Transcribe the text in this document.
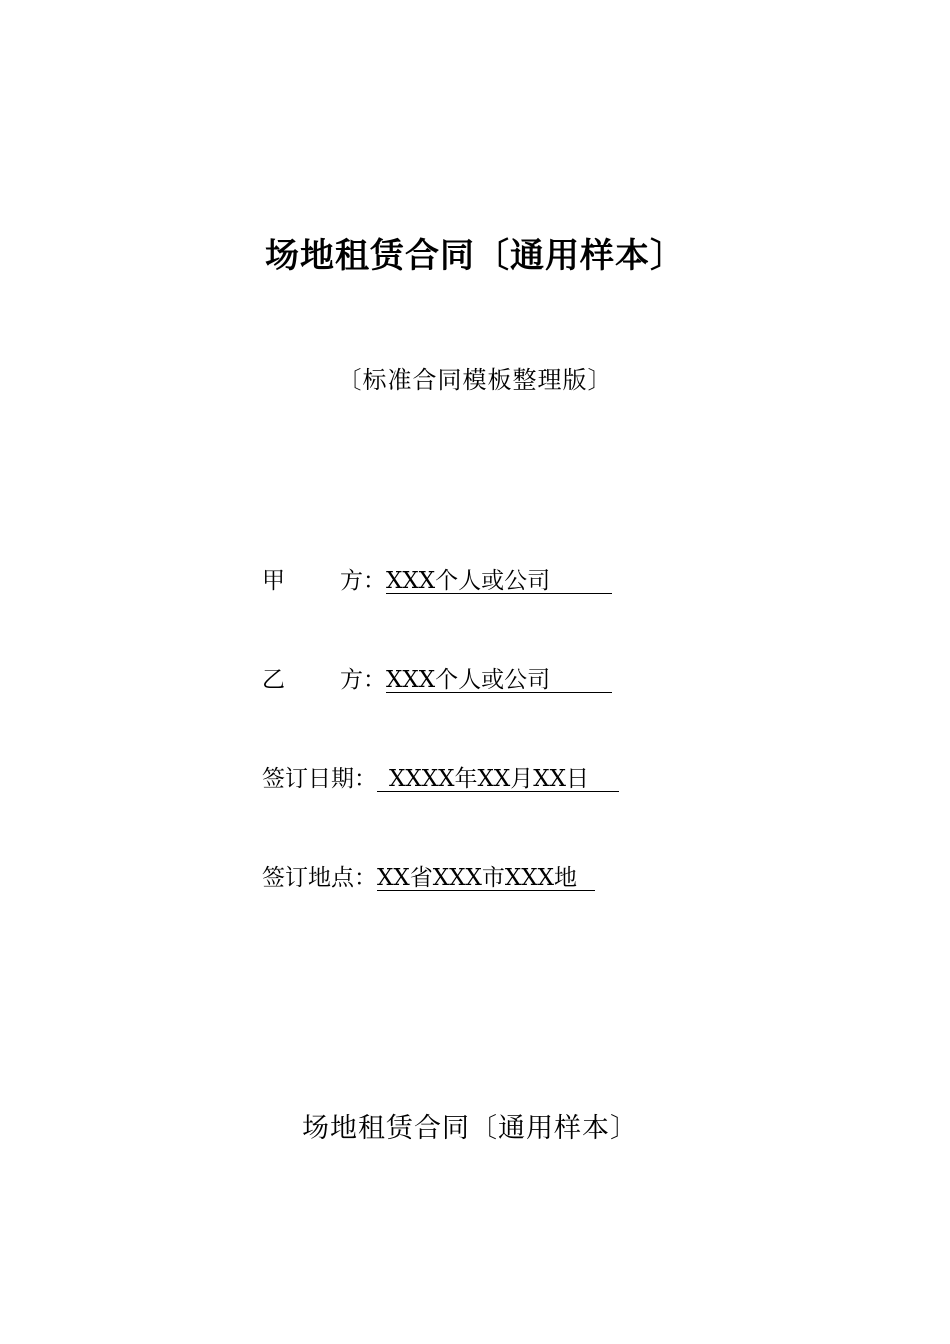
场地租赁合同〔通用样本〕
〔标准合同模板整理版〕
甲 方： XXX个人或公司
乙 方： XXX个人或公司
签订日期： XXXX年XX月XX日
签订地点： XX省XXX市XXX地
场地租赁合同〔通用样本〕
